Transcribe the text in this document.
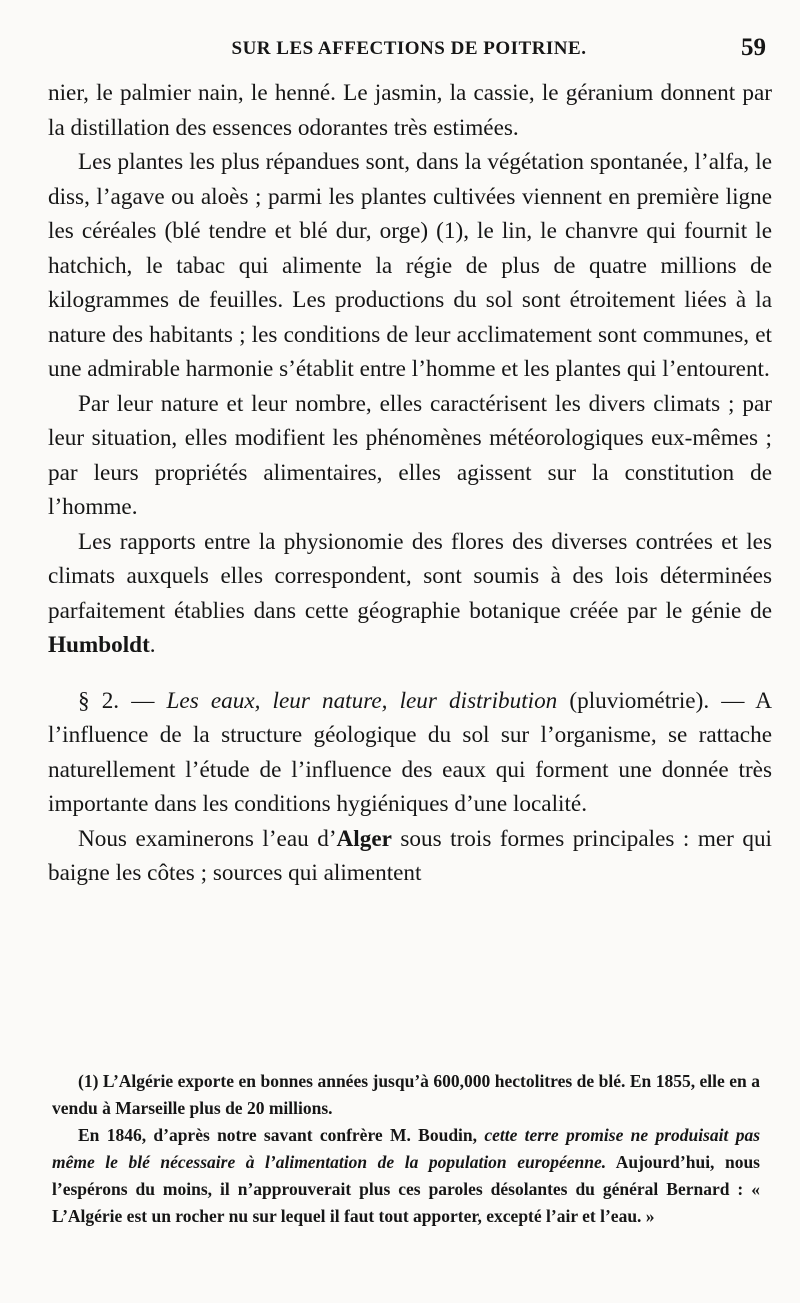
SUR LES AFFECTIONS DE POITRINE.	59

nier, le palmier nain, le henné. Le jasmin, la cassie, le géranium donnent par la distillation des essences odorantes très estimées.

Les plantes les plus répandues sont, dans la végétation spontanée, l’alfa, le diss, l’agave ou aloès ; parmi les plantes cultivées viennent en première ligne les céréales (blé tendre et blé dur, orge) (1), le lin, le chanvre qui fournit le hatchich, le tabac qui alimente la régie de plus de quatre millions de kilogrammes de feuilles. Les productions du sol sont étroitement liées à la nature des habitants ; les conditions de leur acclimatement sont communes, et une admirable harmonie s’établit entre l’homme et les plantes qui l’entourent.

Par leur nature et leur nombre, elles caractérisent les divers climats ; par leur situation, elles modifient les phénomènes météorologiques eux-mêmes ; par leurs propriétés alimentaires, elles agissent sur la constitution de l’homme.

Les rapports entre la physionomie des flores des diverses contrées et les climats auxquels elles correspondent, sont soumis à des lois déterminées parfaitement établies dans cette géographie botanique créée par le génie de Humboldt.

§ 2. — Les eaux, leur nature, leur distribution (pluviométrie). — A l’influence de la structure géologique du sol sur l’organisme, se rattache naturellement l’étude de l’influence des eaux qui forment une donnée très importante dans les conditions hygiéniques d’une localité.

Nous examinerons l’eau d’Alger sous trois formes principales : mer qui baigne les côtes ; sources qui alimentent

(1) L’Algérie exporte en bonnes années jusqu’à 600,000 hectolitres de blé. En 1855, elle en a vendu à Marseille plus de 20 millions.

En 1846, d’après notre savant confrère M. Boudin, cette terre promise ne produisait pas même le blé nécessaire à l’alimentation de la population européenne. Aujourd’hui, nous l’espérons du moins, il n’approuverait plus ces paroles désolantes du général Bernard : « L’Algérie est un rocher nu sur lequel il faut tout apporter, excepté l’air et l’eau. »
